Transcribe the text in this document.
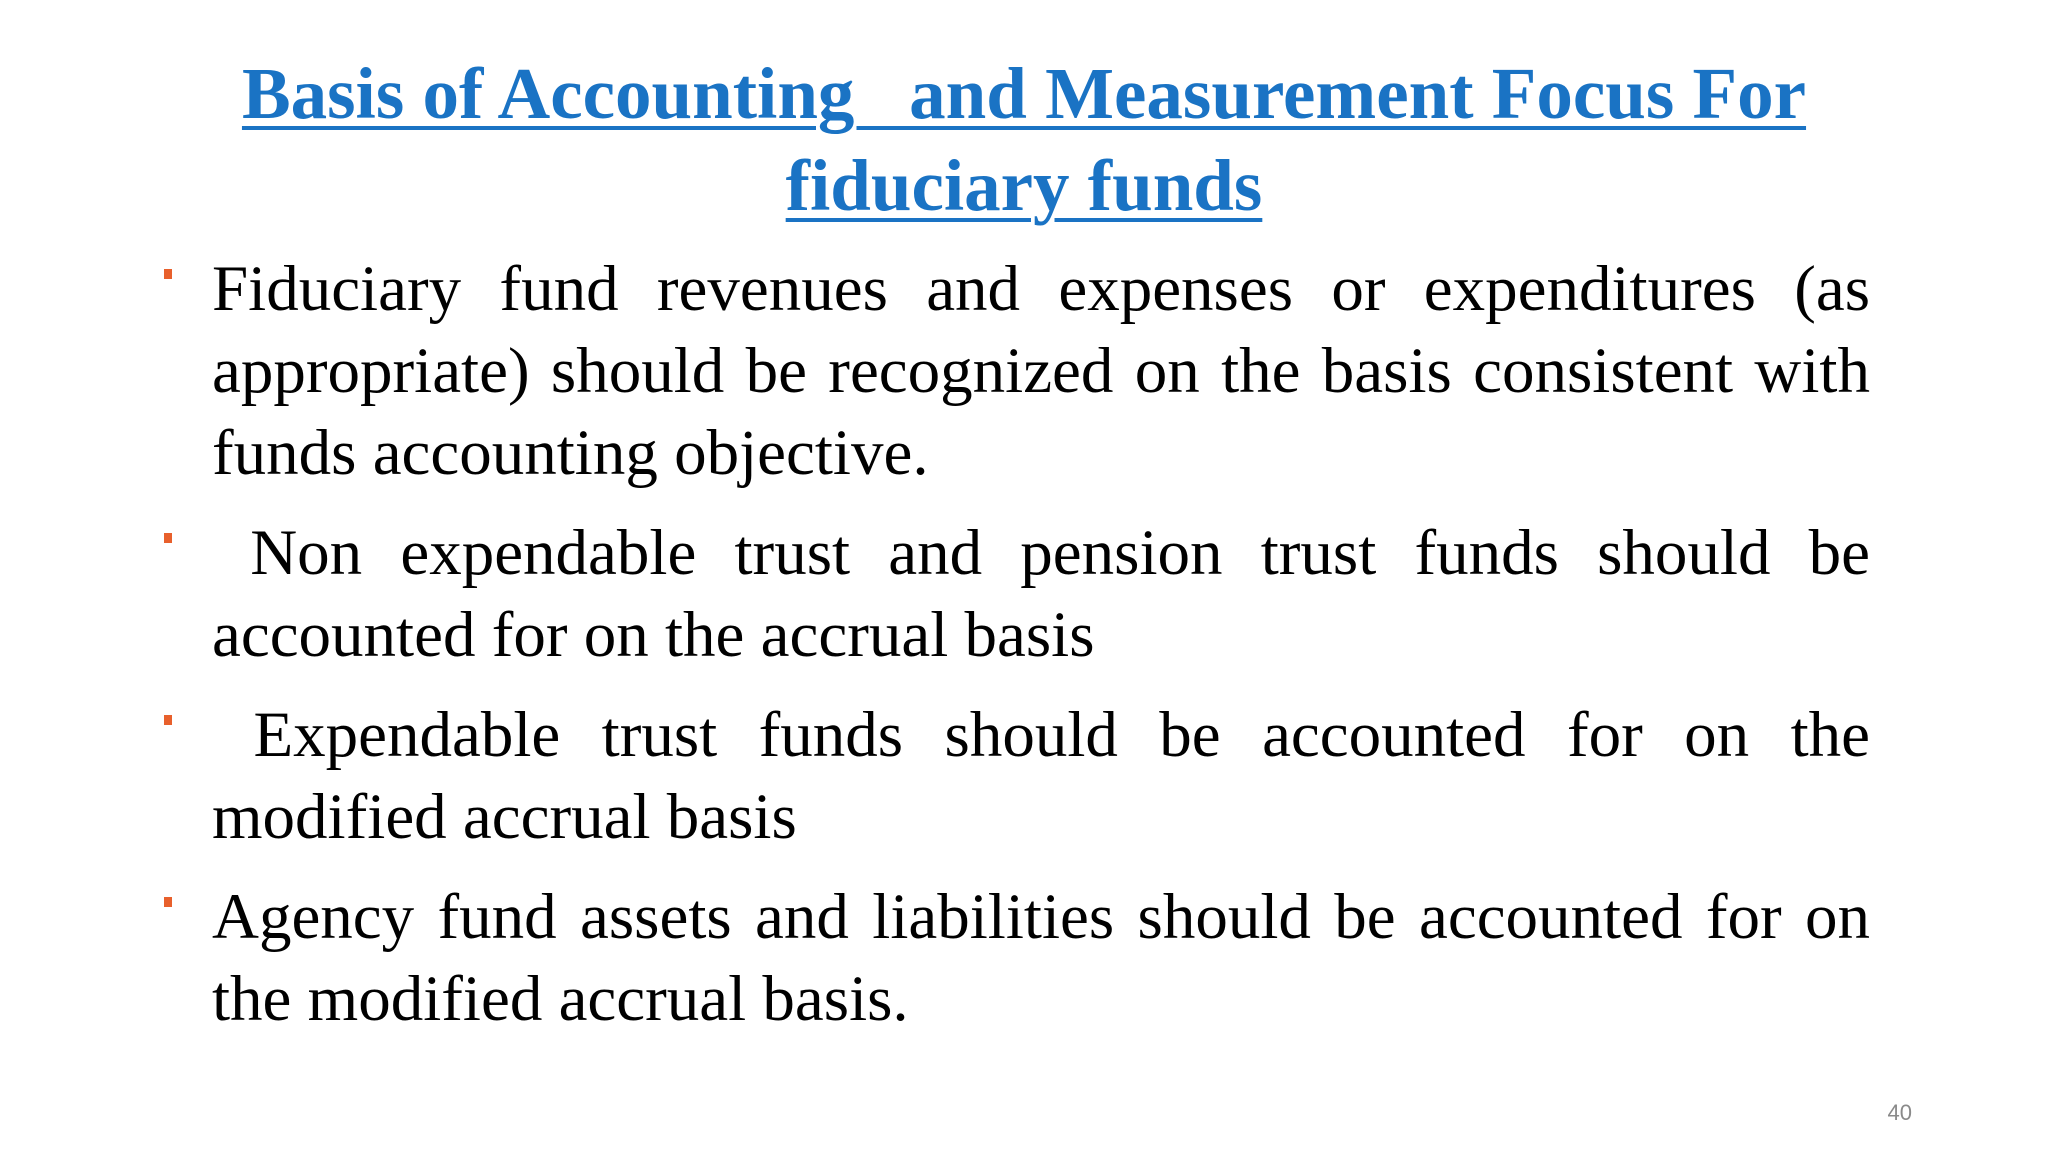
Basis of Accounting   and Measurement Focus For
fiduciary funds
Fiduciary fund revenues and expenses or expenditures (as appropriate) should be recognized on the basis consistent with funds accounting objective.
Non expendable trust and pension trust funds should be accounted for on the accrual basis
Expendable trust funds should be accounted for on the modified accrual basis
Agency fund assets and liabilities should be accounted for on the modified accrual basis.
40
